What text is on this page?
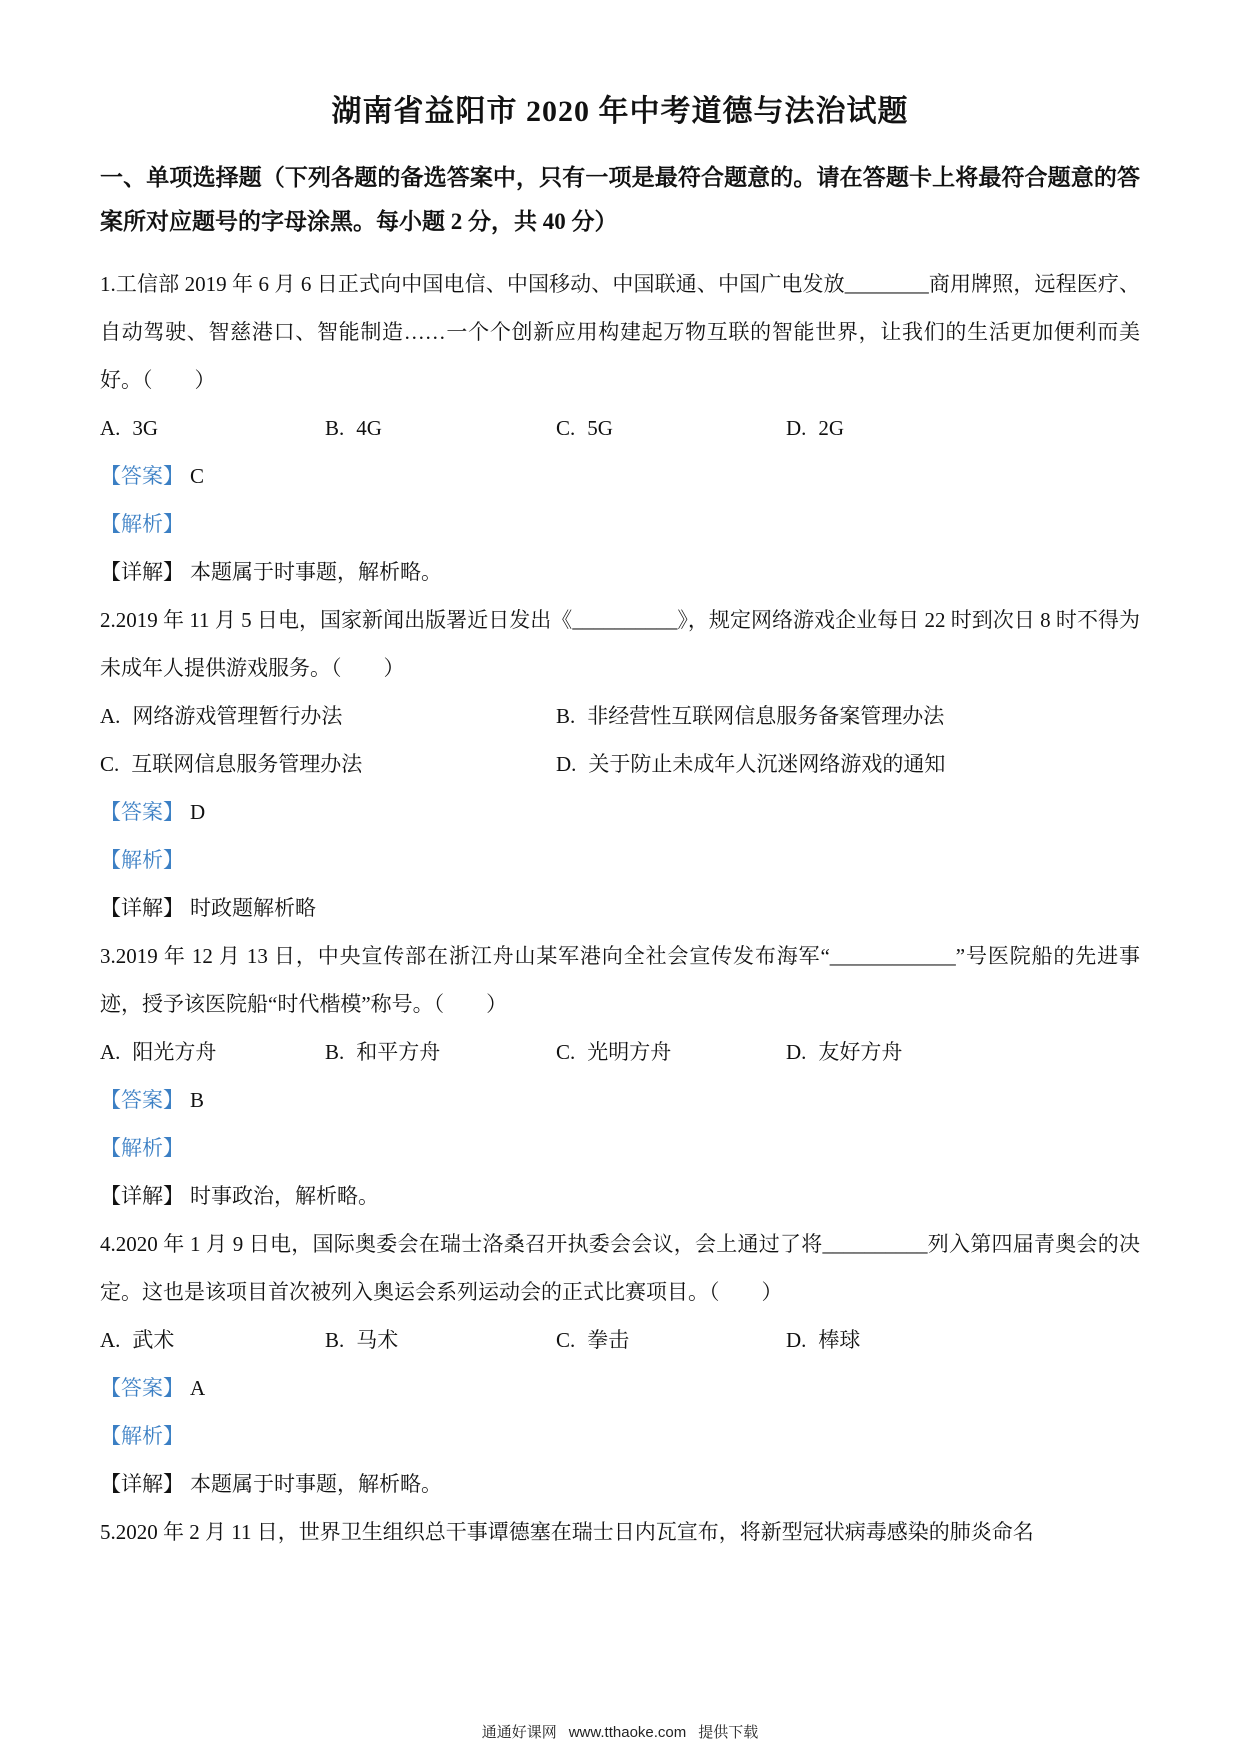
湖南省益阳市 2020 年中考道德与法治试题

一、单项选择题（下列各题的备选答案中，只有一项是最符合题意的。请在答题卡上将最符合题意的答案所对应题号的字母涂黑。每小题 2 分，共 40 分）

1.工信部 2019 年 6 月 6 日正式向中国电信、中国移动、中国联通、中国广电发放________商用牌照，远程医疗、自动驾驶、智慈港口、智能制造……一个个创新应用构建起万物互联的智能世界，让我们的生活更加便利而美好。（　　）

A. 3G	B. 4G	C. 5G	D. 2G

【答案】 C

【解析】

【详解】 本题属于时事题，解析略。

2.2019 年 11 月 5 日电，国家新闻出版署近日发出《__________》，规定网络游戏企业每日 22 时到次日 8 时不得为未成年人提供游戏服务。（　　）

A. 网络游戏管理暂行办法	B. 非经营性互联网信息服务备案管理办法
C. 互联网信息服务管理办法	D. 关于防止未成年人沉迷网络游戏的通知

【答案】 D

【解析】

【详解】 时政题解析略

3.2019 年 12 月 13 日，中央宣传部在浙江舟山某军港向全社会宣传发布海军“____________”号医院船的先进事迹，授予该医院船“时代楷模”称号。（　　）

A. 阳光方舟	B. 和平方舟	C. 光明方舟	D. 友好方舟

【答案】 B

【解析】

【详解】 时事政治，解析略。

4.2020 年 1 月 9 日电，国际奥委会在瑞士洛桑召开执委会会议，会上通过了将__________列入第四届青奥会的决定。这也是该项目首次被列入奥运会系列运动会的正式比赛项目。（　　）

A. 武术	B. 马术	C. 拳击	D. 棒球

【答案】 A

【解析】

【详解】 本题属于时事题，解析略。

5.2020 年 2 月 11 日，世界卫生组织总干事谭德塞在瑞士日内瓦宣布，将新型冠状病毒感染的肺炎命名

通通好课网 www.tthaoke.com 提供下载
